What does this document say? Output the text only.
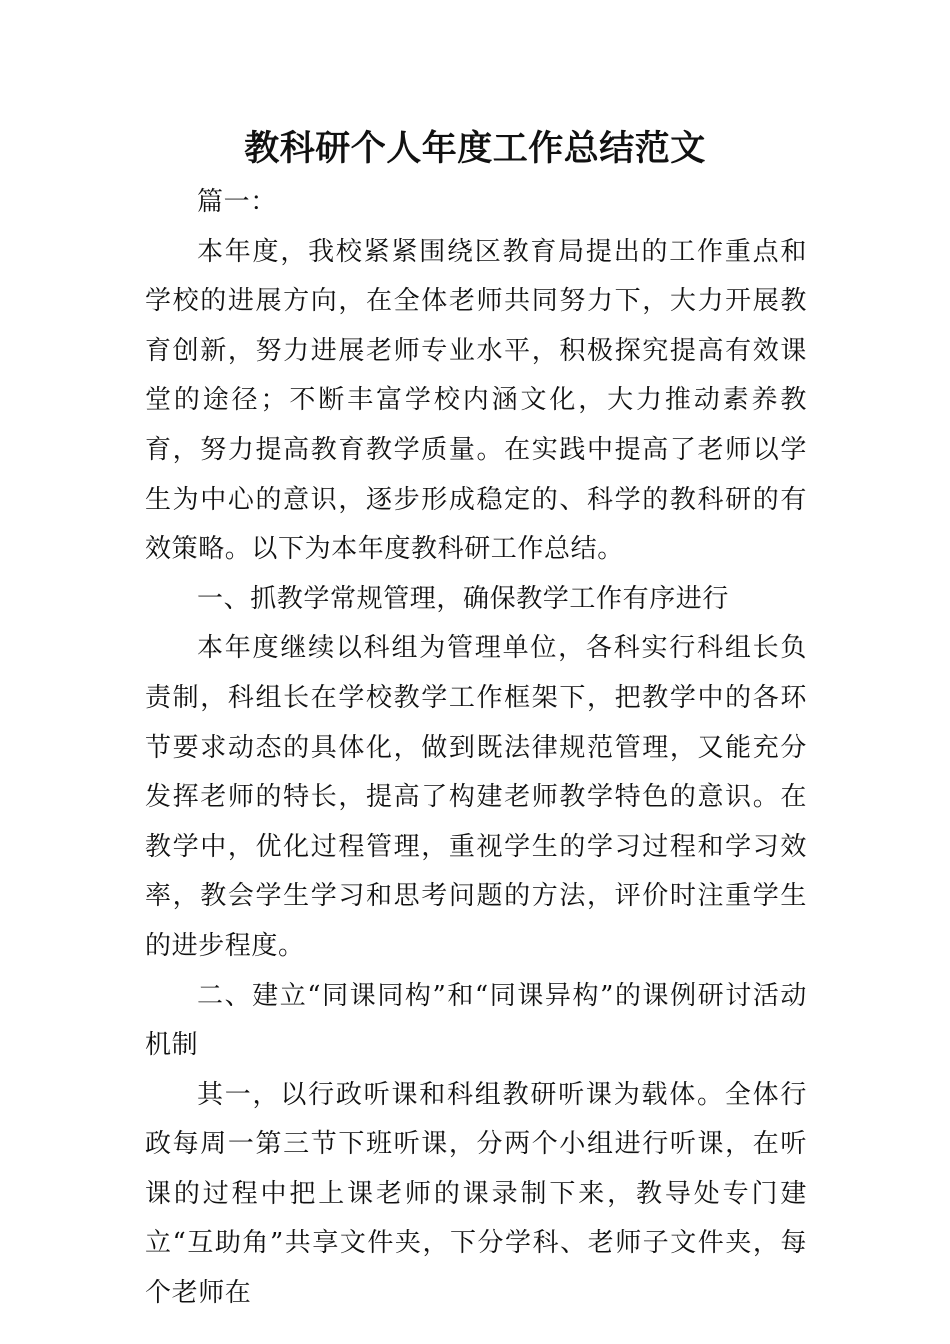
教科研个人年度工作总结范文

篇一：

本年度，我校紧紧围绕区教育局提出的工作重点和学校的进展方向，在全体老师共同努力下，大力开展教育创新，努力进展老师专业水平，积极探究提高有效课堂的途径；不断丰富学校内涵文化，大力推动素养教育，努力提高教育教学质量。在实践中提高了老师以学生为中心的意识，逐步形成稳定的、科学的教科研的有效策略。以下为本年度教科研工作总结。

一、抓教学常规管理，确保教学工作有序进行

本年度继续以科组为管理单位，各科实行科组长负责制，科组长在学校教学工作框架下，把教学中的各环节要求动态的具体化，做到既法律规范管理，又能充分发挥老师的特长，提高了构建老师教学特色的意识。在教学中，优化过程管理，重视学生的学习过程和学习效率，教会学生学习和思考问题的方法，评价时注重学生的进步程度。

二、建立“同课同构”和“同课异构”的课例研讨活动机制

其一，以行政听课和科组教研听课为载体。全体行政每周一第三节下班听课，分两个小组进行听课，在听课的过程中把上课老师的课录制下来，教导处专门建立“互助角”共享文件夹，下分学科、老师子文件夹，每个老师在
